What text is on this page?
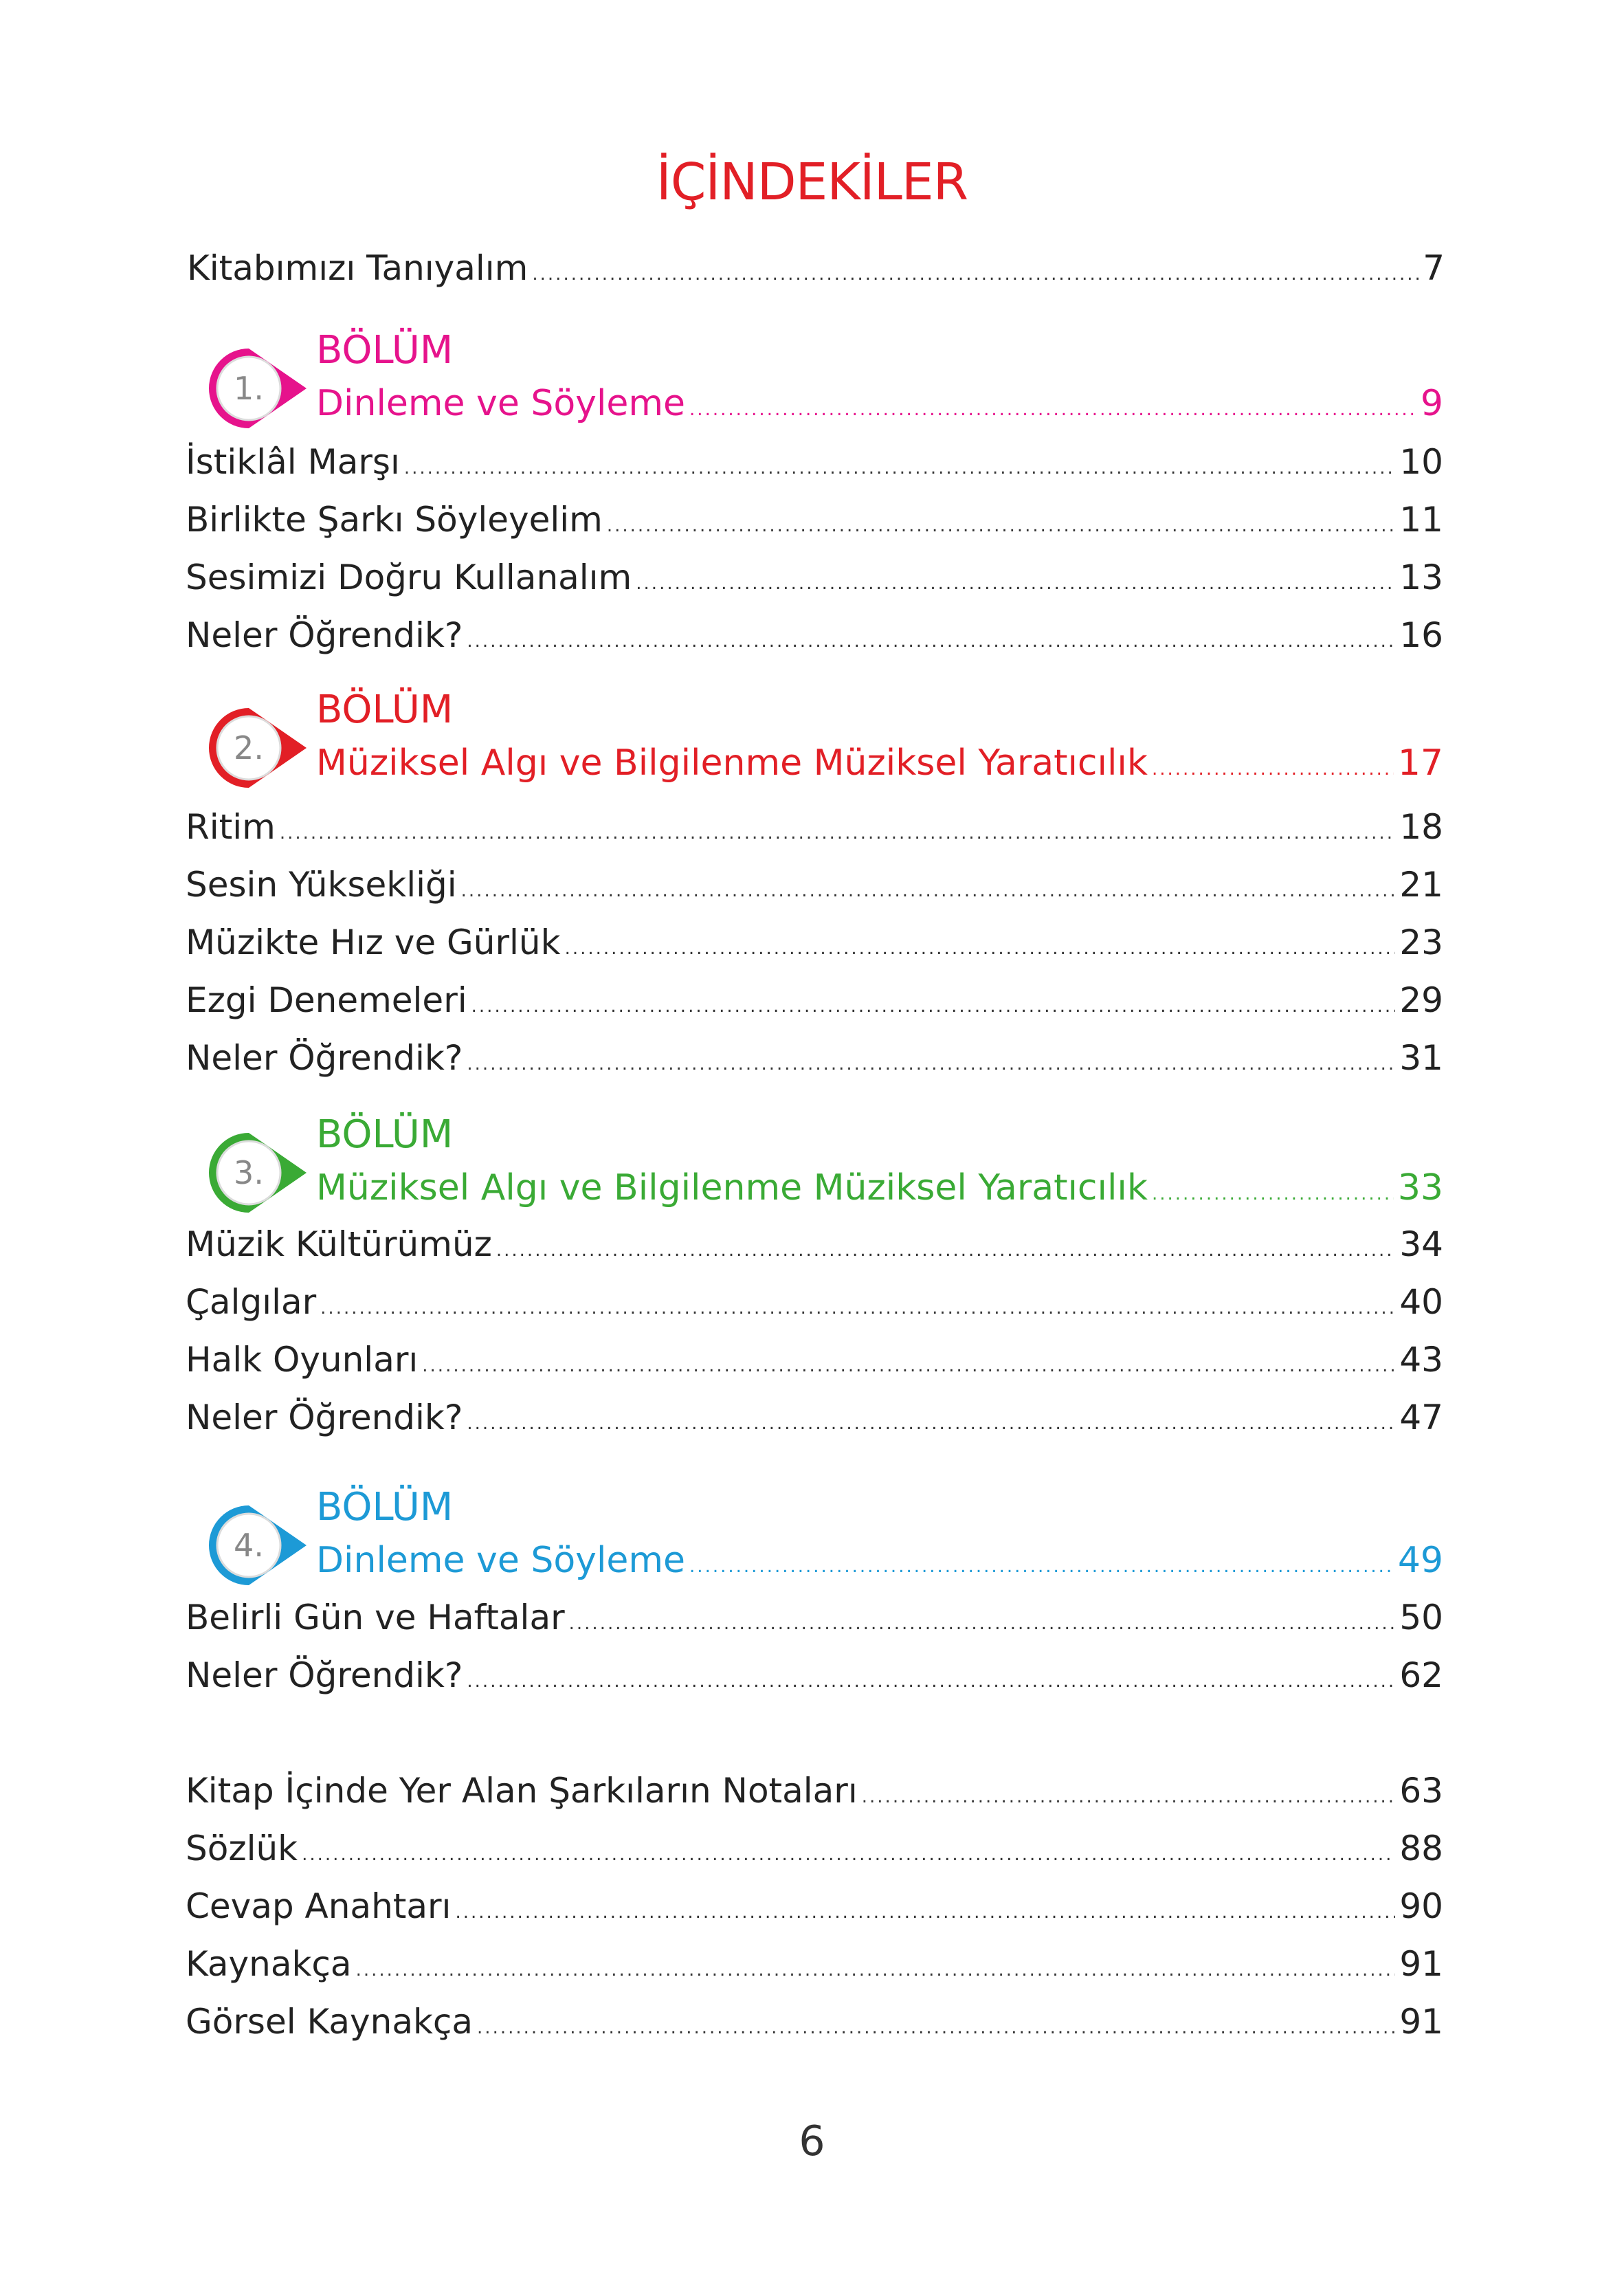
İÇİNDEKİLER
Kitabımızı Tanıyalım .....	7
1.
BÖLÜM
Dinleme ve Söyleme .....	9
İstiklâl Marşı .....	10
Birlikte Şarkı Söyleyelim .....	11
Sesimizi Doğru Kullanalım .....	13
Neler Öğrendik? .....	16
2.
BÖLÜM
Müziksel Algı ve Bilgilenme Müziksel Yaratıcılık .....	17
Ritim .....	18
Sesin Yüksekliği .....	21
Müzikte Hız ve Gürlük .....	23
Ezgi Denemeleri .....	29
Neler Öğrendik? .....	31
3.
BÖLÜM
Müziksel Algı ve Bilgilenme Müziksel Yaratıcılık .....	33
Müzik Kültürümüz .....	34
Çalgılar .....	40
Halk Oyunları .....	43
Neler Öğrendik? .....	47
4.
BÖLÜM
Dinleme ve Söyleme .....	49
Belirli Gün ve Haftalar .....	50
Neler Öğrendik? .....	62
Kitap İçinde Yer Alan Şarkıların Notaları .....	63
Sözlük .....	88
Cevap Anahtarı .....	90
Kaynakça .....	91
Görsel Kaynakça .....	91
6
